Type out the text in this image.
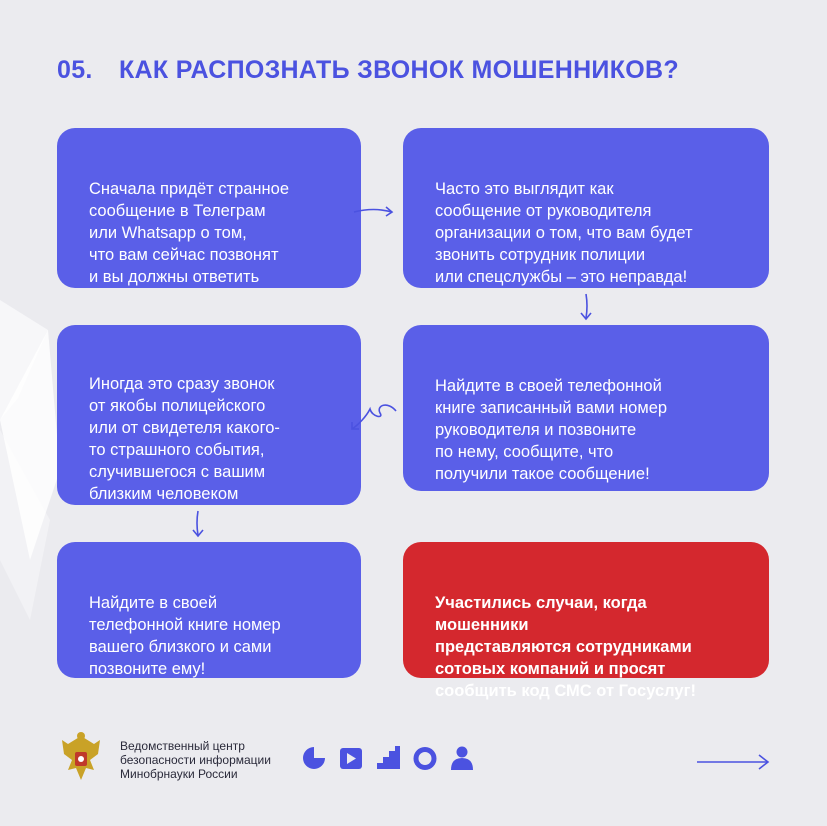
05. КАК РАСПОЗНАТЬ ЗВОНОК МОШЕННИКОВ?

Сначала придёт странное
сообщение в Телеграм
или Whatsapp о том,
что вам сейчас позвонят
и вы должны ответить

Часто это выглядит как
сообщение от руководителя
организации о том, что вам будет
звонить сотрудник полиции
или спецслужбы – это неправда!

Иногда это сразу звонок
от якобы полицейского
или от свидетеля какого-
то страшного события,
случившегося с вашим
близким человеком

Найдите в своей телефонной
книге записанный вами номер
руководителя и позвоните
по нему, сообщите, что
получили такое сообщение!

Найдите в своей
телефонной книге номер
вашего близкого и сами
позвоните ему!

Участились случаи, когда мошенники
представляются сотрудниками
сотовых компаний и просят
сообщить код СМС от Госуслуг!

Ведомственный центр
безопасности информации
Минобрнауки России
